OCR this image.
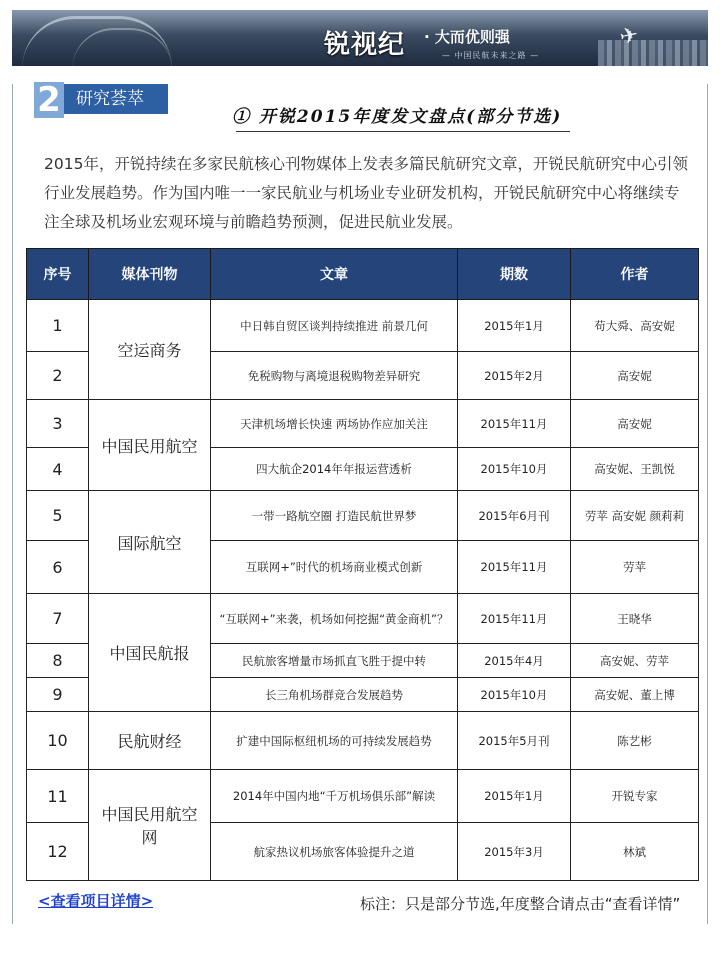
✈
锐视纪 · 大而优则强
— 中国民航未来之路 —
2 研究荟萃
① 开锐2015年度发文盘点(部分节选)
2015年，开锐持续在多家民航核心刊物媒体上发表多篇民航研究文章，开锐民航研究中心引领行业发展趋势。作为国内唯一一家民航业与机场业专业研发机构，开锐民航研究中心将继续专注全球及机场业宏观环境与前瞻趋势预测，促进民航业发展。
序号	媒体刊物	文章	期数	作者
1	空运商务	中日韩自贸区谈判持续推进 前景几何	2015年1月	苟大舜、高安妮
2		免税购物与离境退税购物差异研究	2015年2月	高安妮
3	中国民用航空	天津机场增长快速 两场协作应加关注	2015年11月	高安妮
4		四大航企2014年年报运营透析	2015年10月	高安妮、王凯悦
5	国际航空	一带一路航空圈 打造民航世界梦	2015年6月刊	劳苹 高安妮 颜莉莉
6		互联网+”时代的机场商业模式创新	2015年11月	劳苹
7	中国民航报	“互联网+”来袭，机场如何挖掘“黄金商机”？	2015年11月	王晓华
8		民航旅客增量市场抓直飞胜于提中转	2015年4月	高安妮、劳苹
9		长三角机场群竞合发展趋势	2015年10月	高安妮、董上博
10	民航财经	扩建中国际枢纽机场的可持续发展趋势	2015年5月刊	陈艺彬
11	中国民用航空网	2014年中国内地“千万机场俱乐部”解读	2015年1月	开锐专家
12		航家热议机场旅客体验提升之道	2015年3月	林斌
<查看项目详情>	标注：只是部分节选,年度整合请点击“查看详情”
